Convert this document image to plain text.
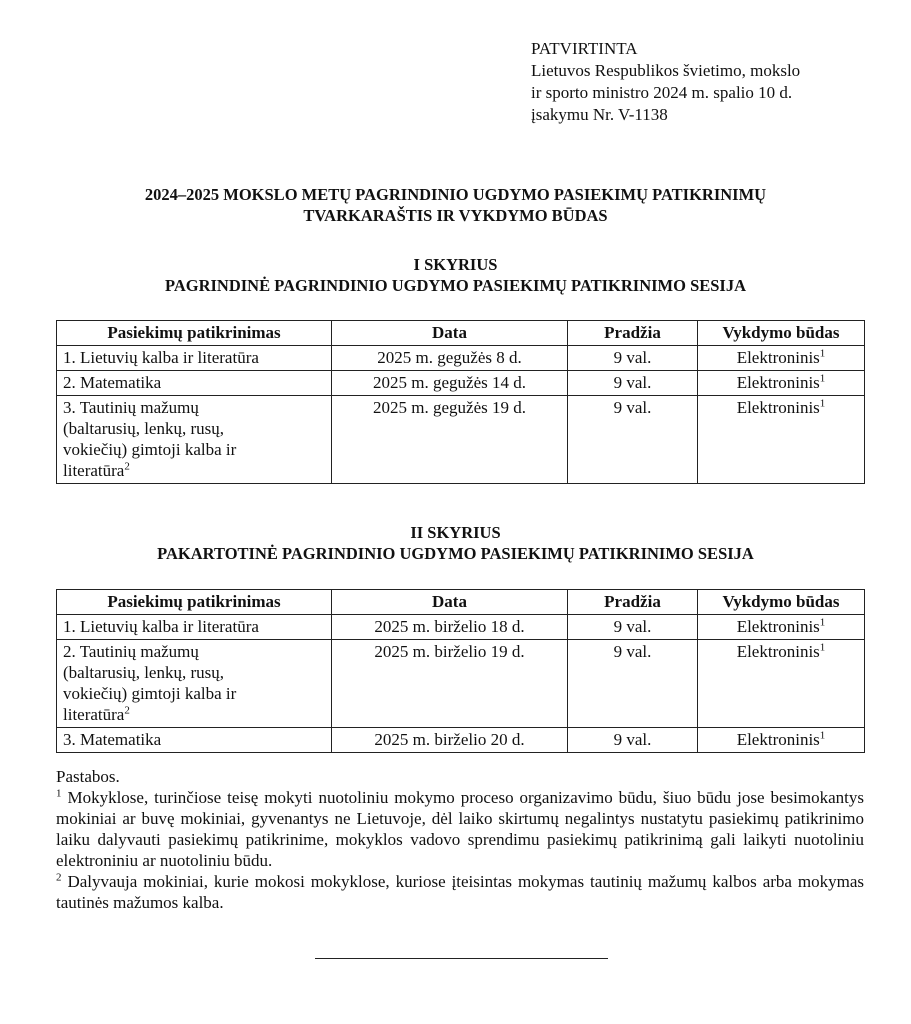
PATVIRTINTA
Lietuvos Respublikos švietimo, mokslo
ir sporto ministro 2024 m. spalio 10 d.
įsakymu Nr. V-1138
2024–2025 MOKSLO METŲ PAGRINDINIO UGDYMO PASIEKIMŲ PATIKRINIMŲ
TVARKARAŠTIS IR VYKDYMO BŪDAS
I SKYRIUS
PAGRINDINĖ PAGRINDINIO UGDYMO PASIEKIMŲ PATIKRINIMO SESIJA
Pasiekimų patikrinimas	Data	Pradžia	Vykdymo būdas

1. Lietuvių kalba ir literatūra	2025 m. gegužės 8 d.	9 val.	Elektroninis$^1$

2. Matematika	2025 m. gegužės 14 d.	9 val.	Elektroninis$^1$

3. Tautinių mažumų
(baltarusių, lenkų, rusų,
vokiečių) gimtoji kalba ir
literatūra$^2$	2025 m. gegužės 19 d.	9 val.	Elektroninis$^1$
II SKYRIUS
PAKARTOTINĖ PAGRINDINIO UGDYMO PASIEKIMŲ PATIKRINIMO SESIJA
Pasiekimų patikrinimas	Data	Pradžia	Vykdymo būdas

1. Lietuvių kalba ir literatūra	2025 m. birželio 18 d.	9 val.	Elektroninis$^1$

2. Tautinių mažumų
(baltarusių, lenkų, rusų,
vokiečių) gimtoji kalba ir
literatūra$^2$	2025 m. birželio 19 d.	9 val.	Elektroninis$^1$

3. Matematika	2025 m. birželio 20 d.	9 val.	Elektroninis$^1$

Pastabos.

$^1$ Mokyklose, turinčiose teisę mokyti nuotoliniu mokymo proceso organizavimo būdu, šiuo būdu jose besimokantys mokiniai ar buvę mokiniai, gyvenantys ne Lietuvoje, dėl laiko skirtumų negalintys nustatytu pasiekimų patikrinimo laiku dalyvauti pasiekimų patikrinime, mokyklos vadovo sprendimu pasiekimų patikrinimą gali laikyti nuotoliniu elektroniniu ar nuotoliniu būdu.

$^2$ Dalyvauja mokiniai, kurie mokosi mokyklose, kuriose įteisintas mokymas tautinių mažumų kalbos arba mokymas tautinės mažumos kalba.
